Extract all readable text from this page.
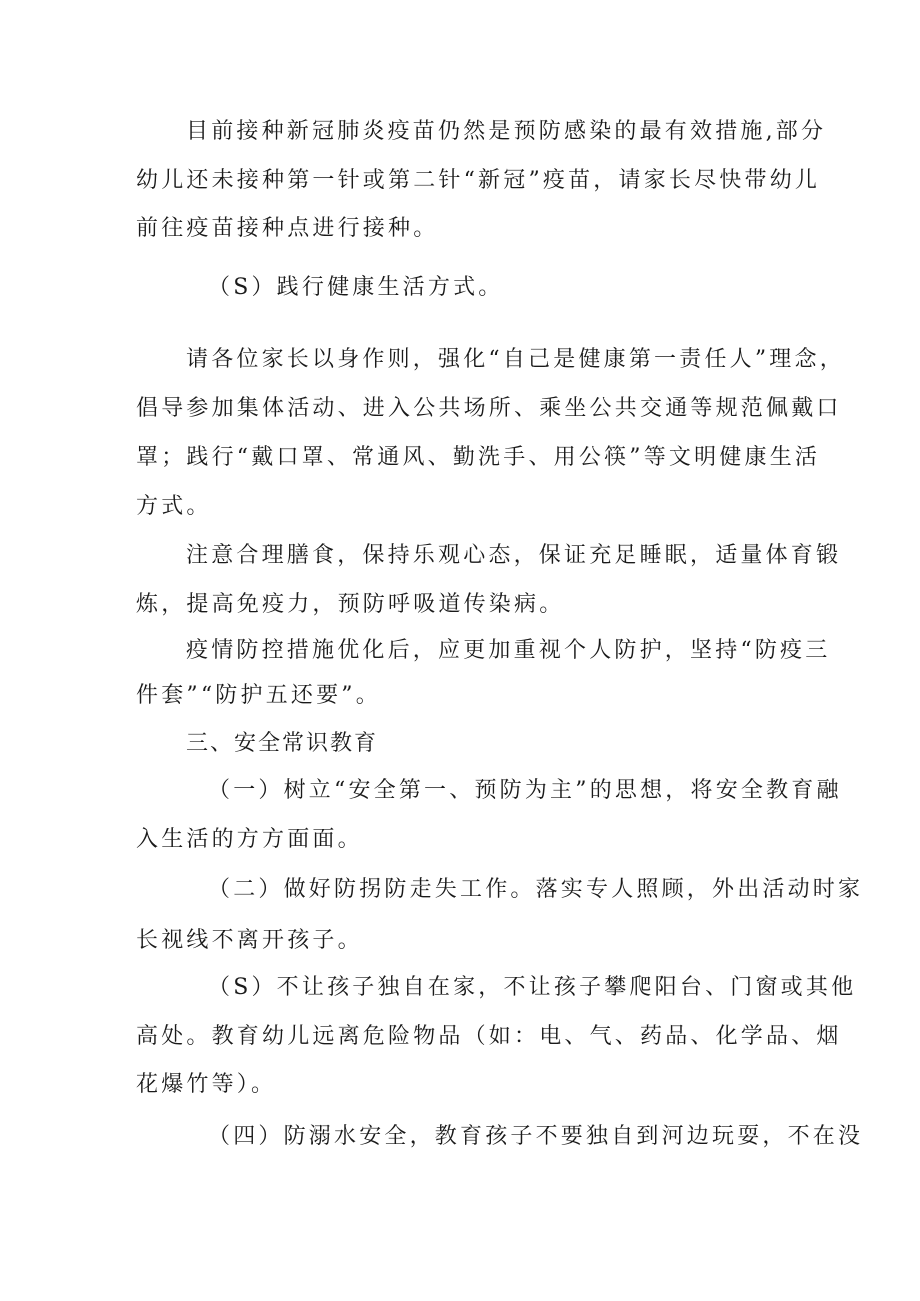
目前接种新冠肺炎疫苗仍然是预防感染的最有效措施,部分
幼儿还未接种第一针或第二针“新冠”疫苗，请家长尽快带幼儿
前往疫苗接种点进行接种。
（S）践行健康生活方式。
请各位家长以身作则，强化“自己是健康第一责任人”理念，
倡导参加集体活动、进入公共场所、乘坐公共交通等规范佩戴口
罩；践行“戴口罩、常通风、勤洗手、用公筷”等文明健康生活
方式。
注意合理膳食，保持乐观心态，保证充足睡眠，适量体育锻
炼，提高免疫力，预防呼吸道传染病。
疫情防控措施优化后，应更加重视个人防护，坚持“防疫三
件套”“防护五还要”。
三、安全常识教育
（一）树立“安全第一、预防为主”的思想，将安全教育融
入生活的方方面面。
（二）做好防拐防走失工作。落实专人照顾，外出活动时家
长视线不离开孩子。
（S）不让孩子独自在家，不让孩子攀爬阳台、门窗或其他
高处。教育幼儿远离危险物品（如：电、气、药品、化学品、烟
花爆竹等）。
（四）防溺水安全，教育孩子不要独自到河边玩耍，不在没
